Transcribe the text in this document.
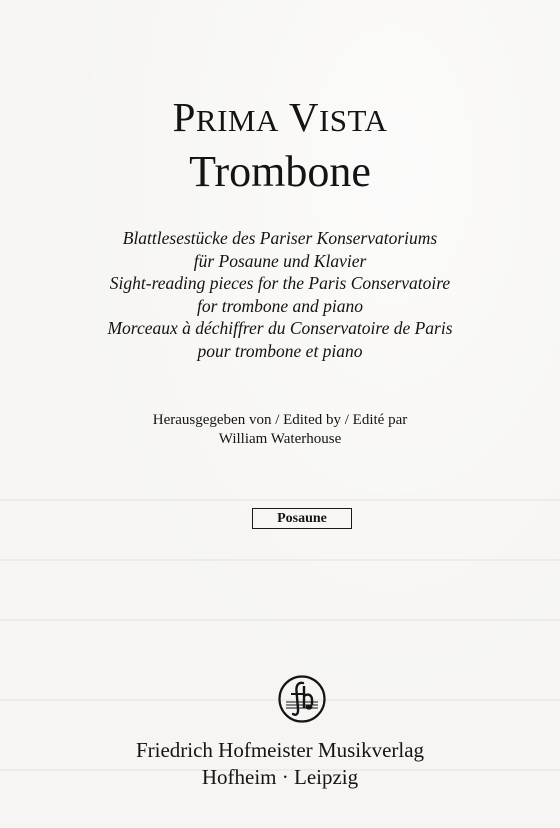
PRIMA VISTA
Trombone
Blattlesestücke des Pariser Konservatoriums
für Posaune und Klavier
Sight-reading pieces for the Paris Conservatoire
for trombone and piano
Morceaux à déchiffrer du Conservatoire de Paris
pour trombone et piano
Herausgegeben von / Edited by / Edité par
William Waterhouse
Posaune
Friedrich Hofmeister Musikverlag
Hofheim · Leipzig
